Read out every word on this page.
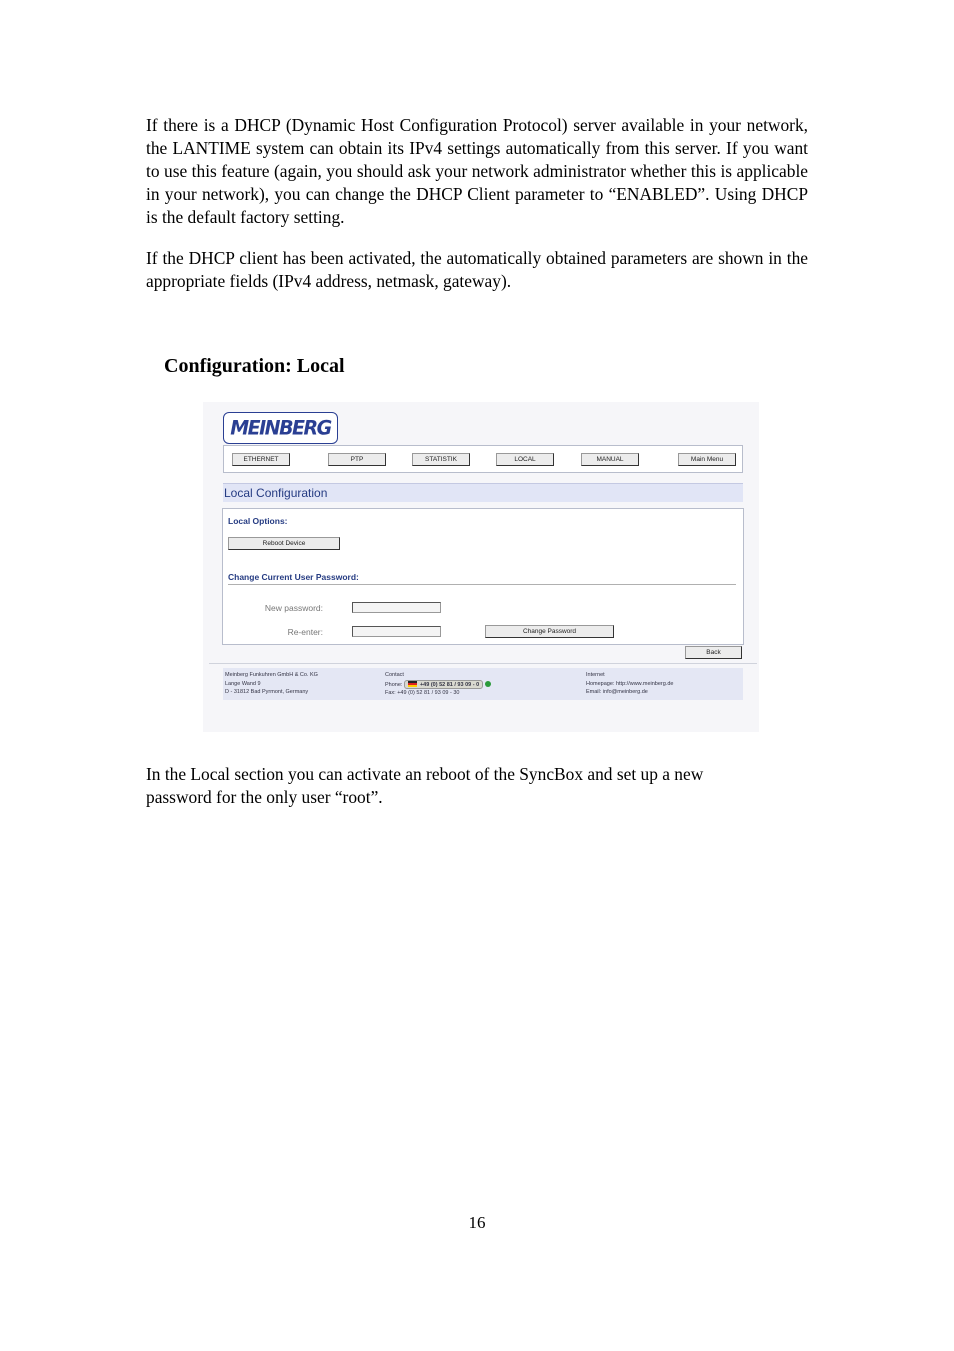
If there is a DHCP (Dynamic Host Configuration Protocol) server available in your network, the LANTIME system can obtain its IPv4 settings automatically from this server. If you want to use this feature (again, you should ask your network administrator whether this is applicable in your network), you can change the DHCP Client parameter to “ENABLED”. Using DHCP is the default factory setting.

If the DHCP client has been activated, the automatically obtained parameters are shown in the appropriate fields (IPv4 address, netmask, gateway).

Configuration: Local
MEINBERG
ETHERNET	PTP	STATISTIK	LOCAL	MANUAL	Main Menu
Local Configuration
Local Options:
Reboot Device
Change Current User Password:
New password:
Re-enter:	Change Password
Back
Meinberg Funkuhren GmbH & Co. KG
Lange Wand 9
D - 31812 Bad Pyrmont, Germany
Contact
Phone:	+49 (0) 52 81 / 93 09 - 0
Fax: +49 (0) 52 81 / 93 09 - 30
Internet
Homepage: http://www.meinberg.de
Email: info@meinberg.de

In the Local section you can activate an reboot of the SyncBox and set up a new
password for the only user “root”.

16
